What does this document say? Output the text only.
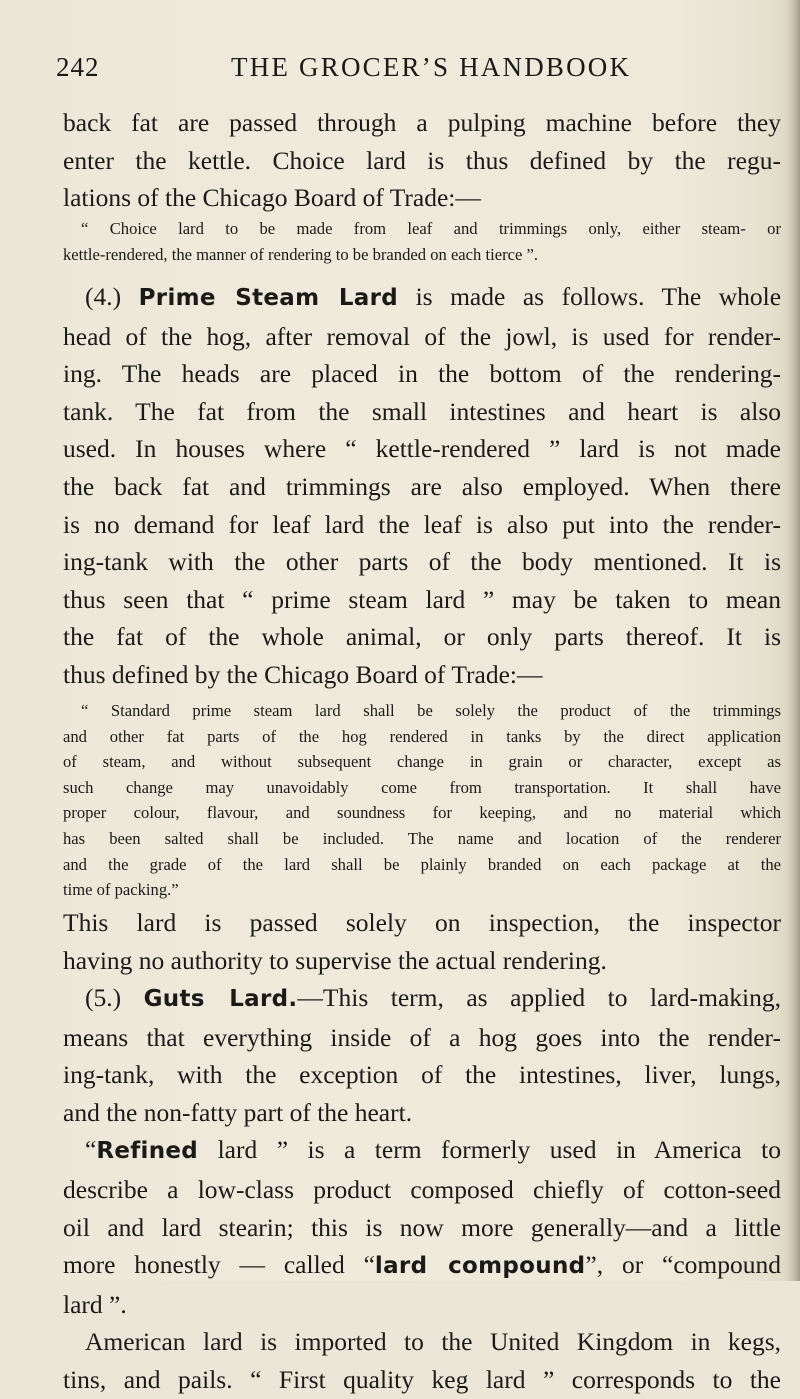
242	THE GROCER’S HANDBOOK
back fat are passed through a pulping machine before they
enter the kettle. Choice lard is thus defined by the regu-
lations of the Chicago Board of Trade:—
“ Choice lard to be made from leaf and trimmings only, either steam- or
kettle-rendered, the manner of rendering to be branded on each tierce ”.
(4.) Prime Steam Lard is made as follows. The whole
head of the hog, after removal of the jowl, is used for render-
ing. The heads are placed in the bottom of the rendering-
tank. The fat from the small intestines and heart is also
used. In houses where “ kettle-rendered ” lard is not made
the back fat and trimmings are also employed. When there
is no demand for leaf lard the leaf is also put into the render-
ing-tank with the other parts of the body mentioned. It is
thus seen that “ prime steam lard ” may be taken to mean
the fat of the whole animal, or only parts thereof. It is
thus defined by the Chicago Board of Trade:—
“ Standard prime steam lard shall be solely the product of the trimmings
and other fat parts of the hog rendered in tanks by the direct application
of steam, and without subsequent change in grain or character, except as
such change may unavoidably come from transportation. It shall have
proper colour, flavour, and soundness for keeping, and no material which
has been salted shall be included. The name and location of the renderer
and the grade of the lard shall be plainly branded on each package at the
time of packing.”
This lard is passed solely on inspection, the inspector
having no authority to supervise the actual rendering.
(5.) Guts Lard.—This term, as applied to lard-making,
means that everything inside of a hog goes into the render-
ing-tank, with the exception of the intestines, liver, lungs,
and the non-fatty part of the heart.
“Refined lard ” is a term formerly used in America to
describe a low-class product composed chiefly of cotton-seed
oil and lard stearin; this is now more generally—and a little
more honestly — called “lard compound”, or “compound
lard ”.
American lard is imported to the United Kingdom in kegs,
tins, and pails. “ First quality keg lard ” corresponds to the
